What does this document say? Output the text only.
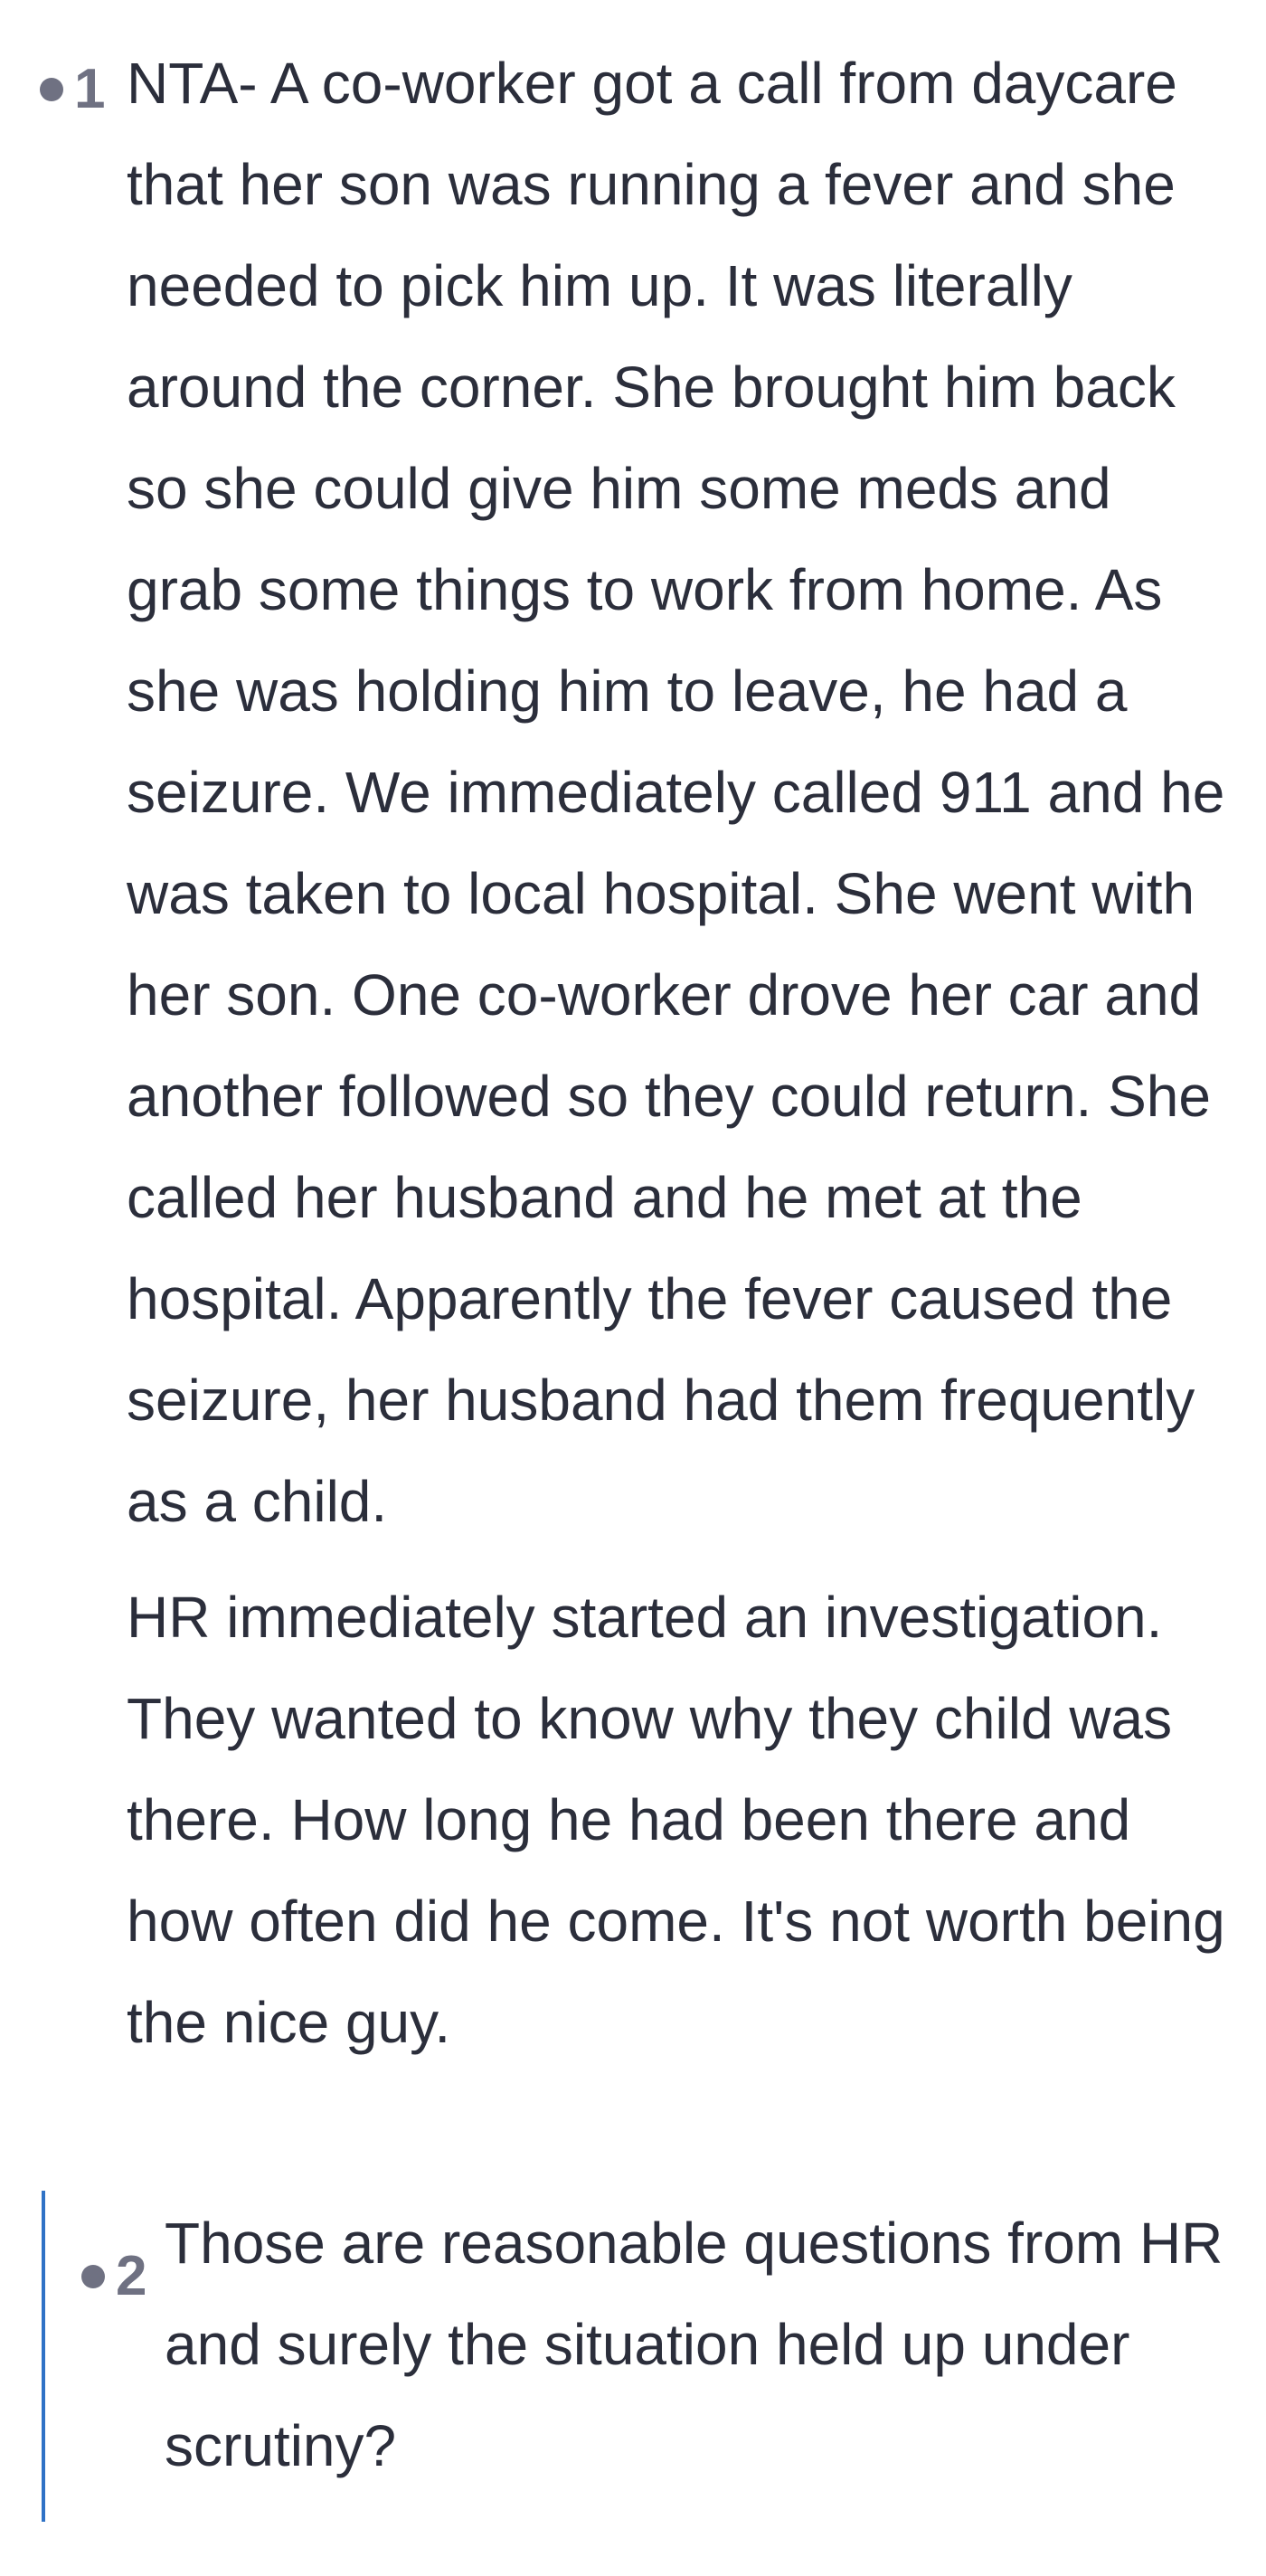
1 NTA- A co-worker got a call from daycare that her son was running a fever and she needed to pick him up. It was literally around the corner. She brought him back so she could give him some meds and grab some things to work from home. As she was holding him to leave, he had a seizure. We immediately called 911 and he was taken to local hospital. She went with her son. One co-worker drove her car and another followed so they could return. She called her husband and he met at the hospital. Apparently the fever caused the seizure, her husband had them frequently as a child.

HR immediately started an investigation. They wanted to know why they child was there. How long he had been there and how often did he come. It's not worth being the nice guy.

2

Those are reasonable questions from HR and surely the situation held up under scrutiny?
